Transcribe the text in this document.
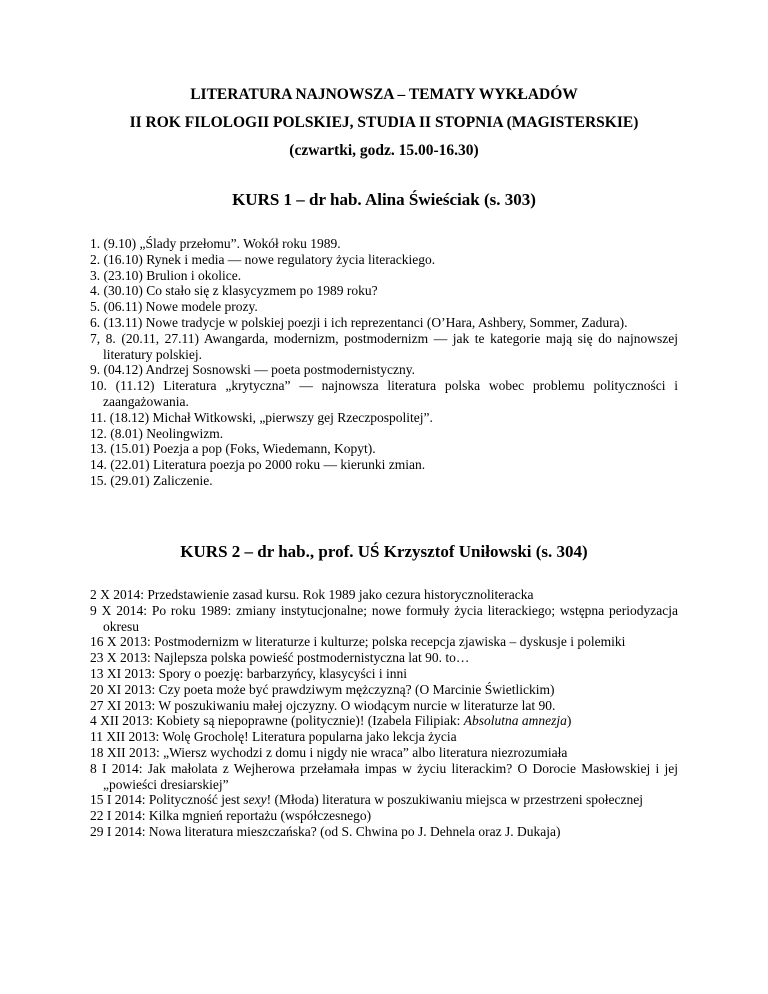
LITERATURA NAJNOWSZA – TEMATY WYKŁADÓW
II ROK FILOLOGII POLSKIEJ, STUDIA II STOPNIA (MAGISTERSKIE)
(czwartki, godz. 15.00-16.30)
KURS 1 – dr hab. Alina Świeściak (s. 303)
1. (9.10) „Ślady przełomu”. Wokół roku 1989.
2. (16.10) Rynek i media — nowe regulatory życia literackiego.
3. (23.10) Brulion i okolice.
4. (30.10) Co stało się z klasycyzmem po 1989 roku?
5. (06.11) Nowe modele prozy.
6. (13.11) Nowe tradycje w polskiej poezji i ich reprezentanci (O’Hara, Ashbery, Sommer, Zadura).
7, 8. (20.11, 27.11) Awangarda, modernizm, postmodernizm — jak te kategorie mają się do najnowszej literatury polskiej.
9. (04.12) Andrzej Sosnowski — poeta postmodernistyczny.
10. (11.12) Literatura „krytyczna” — najnowsza literatura polska wobec problemu polityczności i zaangażowania.
11. (18.12) Michał Witkowski, „pierwszy gej Rzeczpospolitej”.
12. (8.01) Neolingwizm.
13. (15.01) Poezja a pop (Foks, Wiedemann, Kopyt).
14. (22.01) Literatura poezja po 2000 roku — kierunki zmian.
15. (29.01) Zaliczenie.
KURS 2 – dr hab., prof. UŚ Krzysztof Uniłowski (s. 304)
2 X 2014: Przedstawienie zasad kursu. Rok 1989 jako cezura historycznoliteracka
9 X 2014: Po roku 1989: zmiany instytucjonalne; nowe formuły życia literackiego; wstępna periodyzacja okresu
16 X 2013: Postmodernizm w literaturze i kulturze; polska recepcja zjawiska – dyskusje i polemiki
23 X 2013: Najlepsza polska powieść postmodernistyczna lat 90. to…
13 XI 2013: Spory o poezję: barbarzyńcy, klasycyści i inni
20 XI 2013: Czy poeta może być prawdziwym mężczyzną? (O Marcinie Świetlickim)
27 XI 2013: W poszukiwaniu małej ojczyzny. O wiodącym nurcie w literaturze lat 90.
4 XII 2013: Kobiety są niepoprawne (politycznie)! (Izabela Filipiak: Absolutna amnezja)
11 XII 2013: Wolę Grocholę! Literatura popularna jako lekcja życia
18 XII 2013: „Wiersz wychodzi z domu i nigdy nie wraca” albo literatura niezrozumiała
8 I 2014: Jak małolata z Wejherowa przełamała impas w życiu literackim? O Dorocie Masłowskiej i jej „powieści dresiarskiej”
15 I 2014: Polityczność jest sexy! (Młoda) literatura w poszukiwaniu miejsca w przestrzeni społecznej
22 I 2014: Kilka mgnień reportażu (współczesnego)
29 I 2014: Nowa literatura mieszczańska? (od S. Chwina po J. Dehnela oraz J. Dukaja)
